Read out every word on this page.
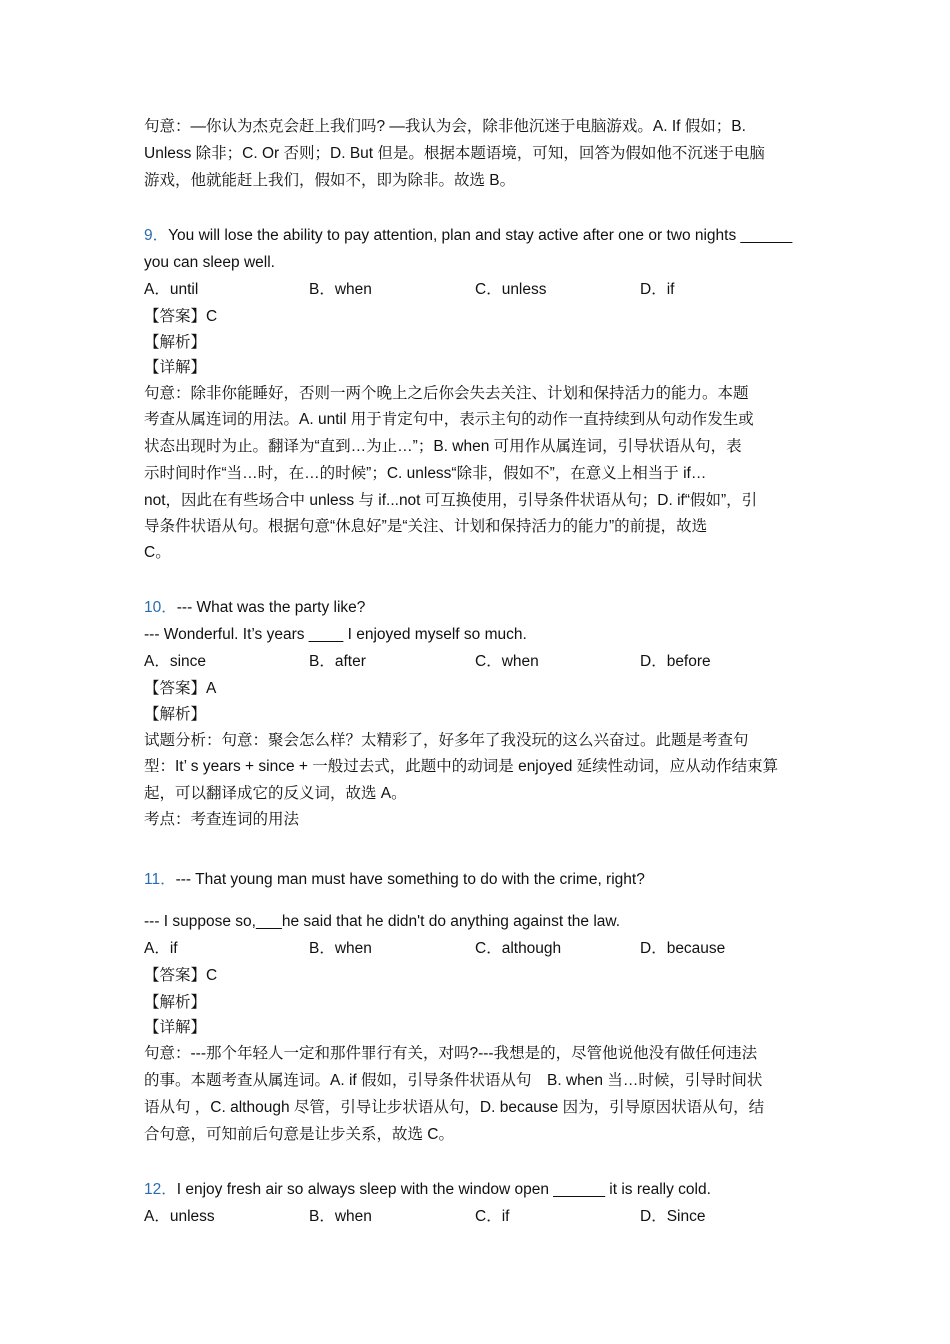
句意：—你认为杰克会赶上我们吗? —我认为会，除非他沉迷于电脑游戏。A. If 假如；B.
Unless 除非；C. Or 否则；D. But 但是。根据本题语境，可知，回答为假如他不沉迷于电脑
游戏，他就能赶上我们，假如不，即为除非。故选 B。
9．You will lose the ability to pay attention, plan and stay active after one or two nights ______
you can sleep well.
A．until	B．when	C．unless	D．if
【答案】C
【解析】
【详解】
句意：除非你能睡好，否则一两个晚上之后你会失去关注、计划和保持活力的能力。本题
考查从属连词的用法。A. until 用于肯定句中，表示主句的动作一直持续到从句动作发生或
状态出现时为止。翻译为“直到…为止…”；B. when 可用作从属连词，引导状语从句，表
示时间时作“当…时，在…的时候”；C. unless“除非，假如不”，在意义上相当于 if…
not，因此在有些场合中 unless 与 if...not 可互换使用，引导条件状语从句；D. if“假如”，引
导条件状语从句。根据句意“休息好”是“关注、计划和保持活力的能力”的前提，故选
C。
10．--- What was the party like?
--- Wonderful. It’s years ____ I enjoyed myself so much.
A．since	B．after	C．when	D．before
【答案】A
【解析】
试题分析：句意：聚会怎么样？太精彩了，好多年了我没玩的这么兴奋过。此题是考查句
型：It’ s years + since + 一般过去式，此题中的动词是 enjoyed 延续性动词，应从动作结束算
起，可以翻译成它的反义词，故选 A。
考点：考查连词的用法
11．--- That young man must have something to do with the crime, right?
--- I suppose so,___he said that he didn't do anything against the law.
A．if	B．when	C．although	D．because
【答案】C
【解析】
【详解】
句意：---那个年轻人一定和那件罪行有关，对吗?---我想是的，尽管他说他没有做任何违法
的事。本题考查从属连词。A. if 假如，引导条件状语从句　B. when 当…时候，引导时间状
语从句 ，C. although 尽管，引导让步状语从句，D. because 因为，引导原因状语从句，结
合句意，可知前后句意是让步关系，故选 C。
12．I enjoy fresh air so always sleep with the window open ______ it is really cold.
A．unless	B．when	C．if	D．Since
